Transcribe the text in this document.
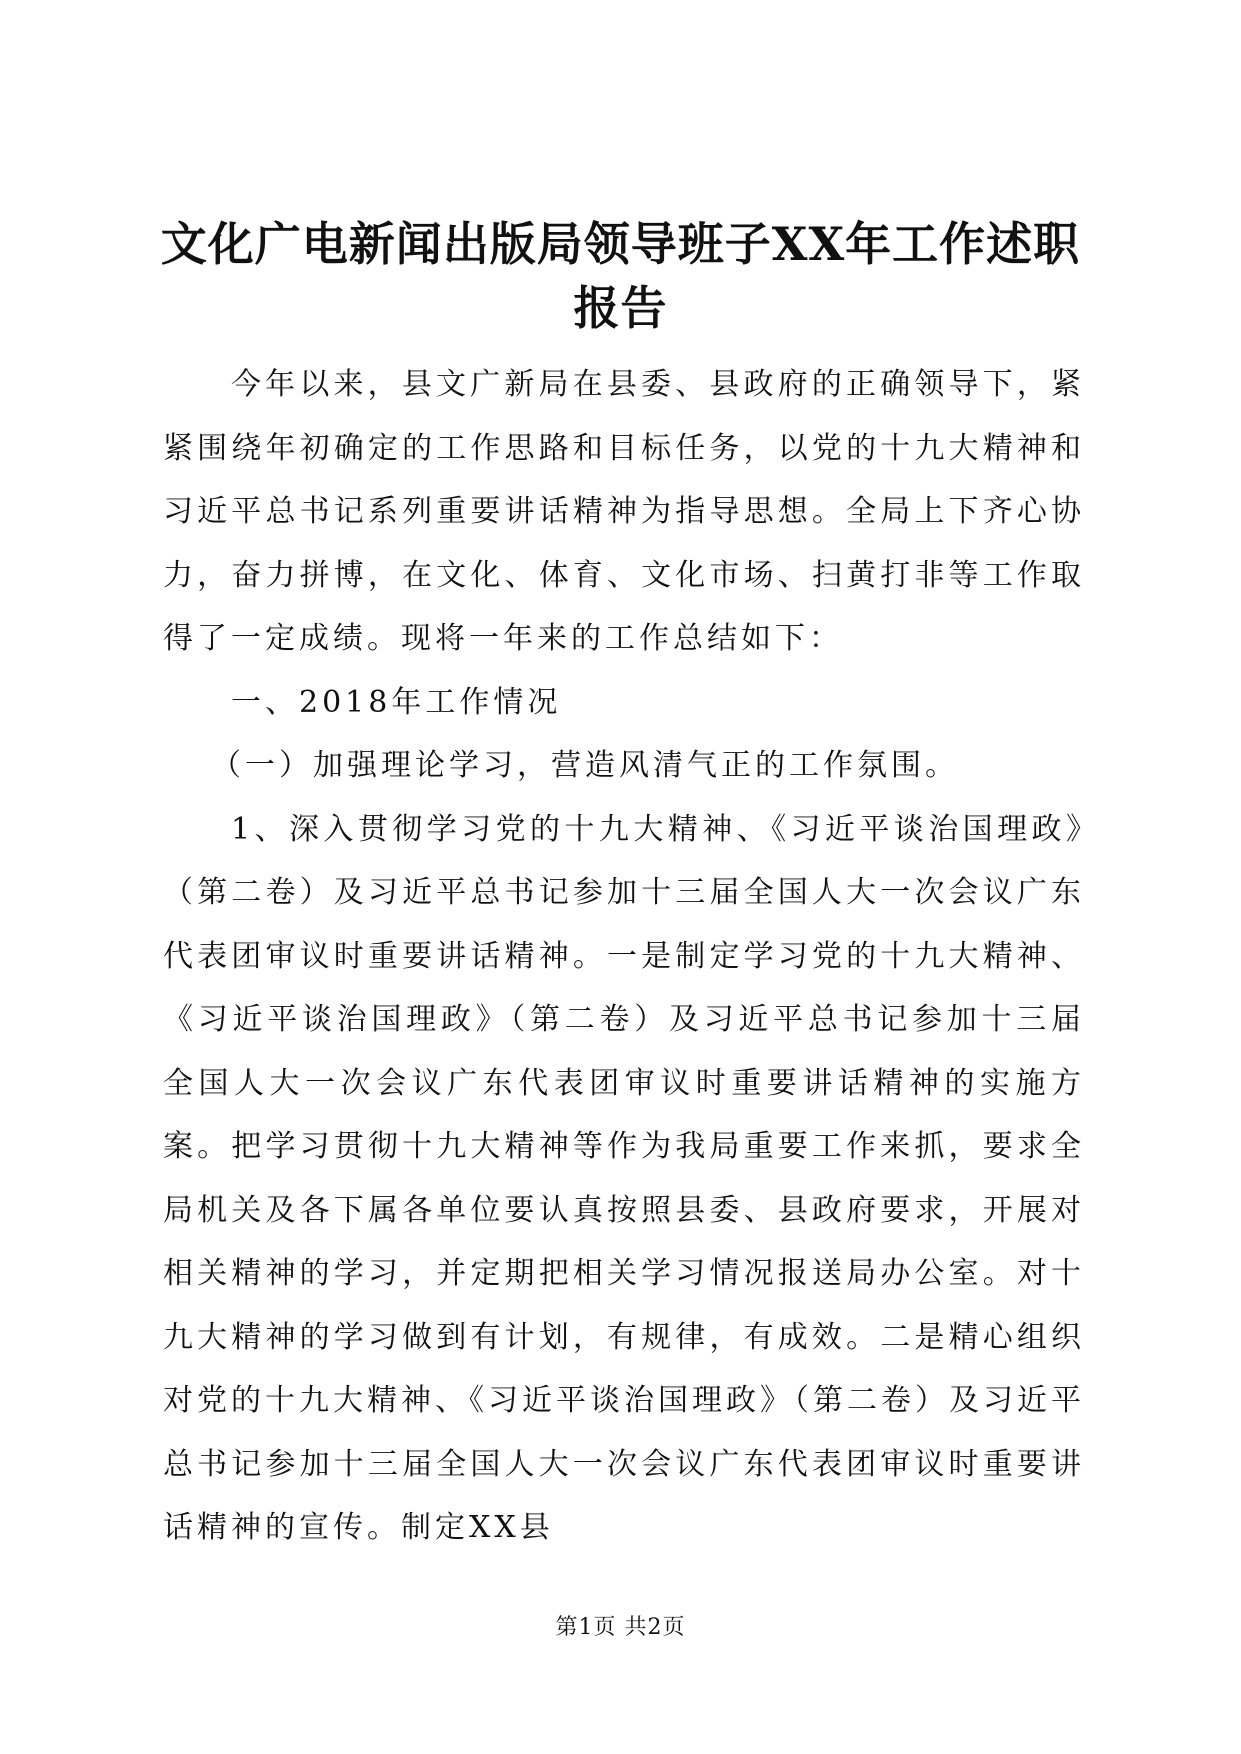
文化广电新闻出版局领导班子XX年工作述职报告

今年以来，县文广新局在县委、县政府的正确领导下，紧紧围绕年初确定的工作思路和目标任务，以党的十九大精神和习近平总书记系列重要讲话精神为指导思想。全局上下齐心协力，奋力拼博，在文化、体育、文化市场、扫黄打非等工作取得了一定成绩。现将一年来的工作总结如下：

一、2018年工作情况

（一）加强理论学习，营造风清气正的工作氛围。

1、深入贯彻学习党的十九大精神、《习近平谈治国理政》（第二卷）及习近平总书记参加十三届全国人大一次会议广东代表团审议时重要讲话精神。一是制定学习党的十九大精神、《习近平谈治国理政》（第二卷）及习近平总书记参加十三届全国人大一次会议广东代表团审议时重要讲话精神的实施方案。把学习贯彻十九大精神等作为我局重要工作来抓，要求全局机关及各下属各单位要认真按照县委、县政府要求，开展对相关精神的学习，并定期把相关学习情况报送局办公室。对十九大精神的学习做到有计划，有规律，有成效。二是精心组织对党的十九大精神、《习近平谈治国理政》（第二卷）及习近平总书记参加十三届全国人大一次会议广东代表团审议时重要讲话精神的宣传。制定XX县

第1页 共2页
